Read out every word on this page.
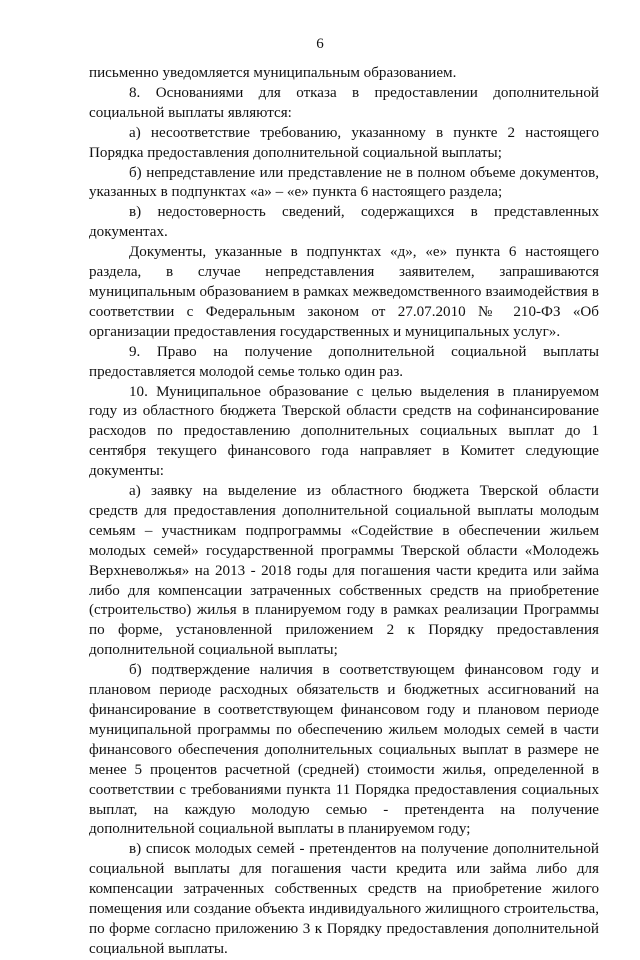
6

письменно уведомляется муниципальным образованием.

8. Основаниями для отказа в предоставлении дополнительной социальной выплаты являются:

а) несоответствие требованию, указанному в пункте 2 настоящего Порядка предоставления дополнительной социальной выплаты;

б) непредставление или представление не в полном объеме документов, указанных в подпунктах «а» – «е» пункта 6 настоящего раздела;

в) недостоверность сведений, содержащихся в представленных документах.

Документы, указанные в подпунктах «д», «е» пункта 6 настоящего раздела, в случае непредставления заявителем, запрашиваются муниципальным образованием в рамках межведомственного взаимодействия в соответствии с Федеральным законом от 27.07.2010 № 210-ФЗ «Об организации предоставления государственных и муниципальных услуг».

9. Право на получение дополнительной социальной выплаты предоставляется молодой семье только один раз.

10. Муниципальное образование с целью выделения в планируемом году из областного бюджета Тверской области средств на софинансирование расходов по предоставлению дополнительных социальных выплат до 1 сентября текущего финансового года направляет в Комитет следующие документы:

а) заявку на выделение из областного бюджета Тверской области средств для предоставления дополнительной социальной выплаты молодым семьям – участникам подпрограммы «Содействие в обеспечении жильем молодых семей» государственной программы Тверской области «Молодежь Верхневолжья» на 2013 - 2018 годы для погашения части кредита или займа либо для компенсации затраченных собственных средств на приобретение (строительство) жилья в планируемом году в рамках реализации Программы по форме, установленной приложением 2 к Порядку предоставления дополнительной социальной выплаты;

б) подтверждение наличия в соответствующем финансовом году и плановом периоде расходных обязательств и бюджетных ассигнований на финансирование в соответствующем финансовом году и плановом периоде муниципальной программы по обеспечению жильем молодых семей в части финансового обеспечения дополнительных социальных выплат в размере не менее 5 процентов расчетной (средней) стоимости жилья, определенной в соответствии с требованиями пункта 11 Порядка предоставления социальных выплат, на каждую молодую семью - претендента на получение дополнительной социальной выплаты в планируемом году;

в) список молодых семей - претендентов на получение дополнительной социальной выплаты для погашения части кредита или займа либо для компенсации затраченных собственных средств на приобретение жилого помещения или создание объекта индивидуального жилищного строительства, по форме согласно приложению 3 к Порядку предоставления дополнительной социальной выплаты.
